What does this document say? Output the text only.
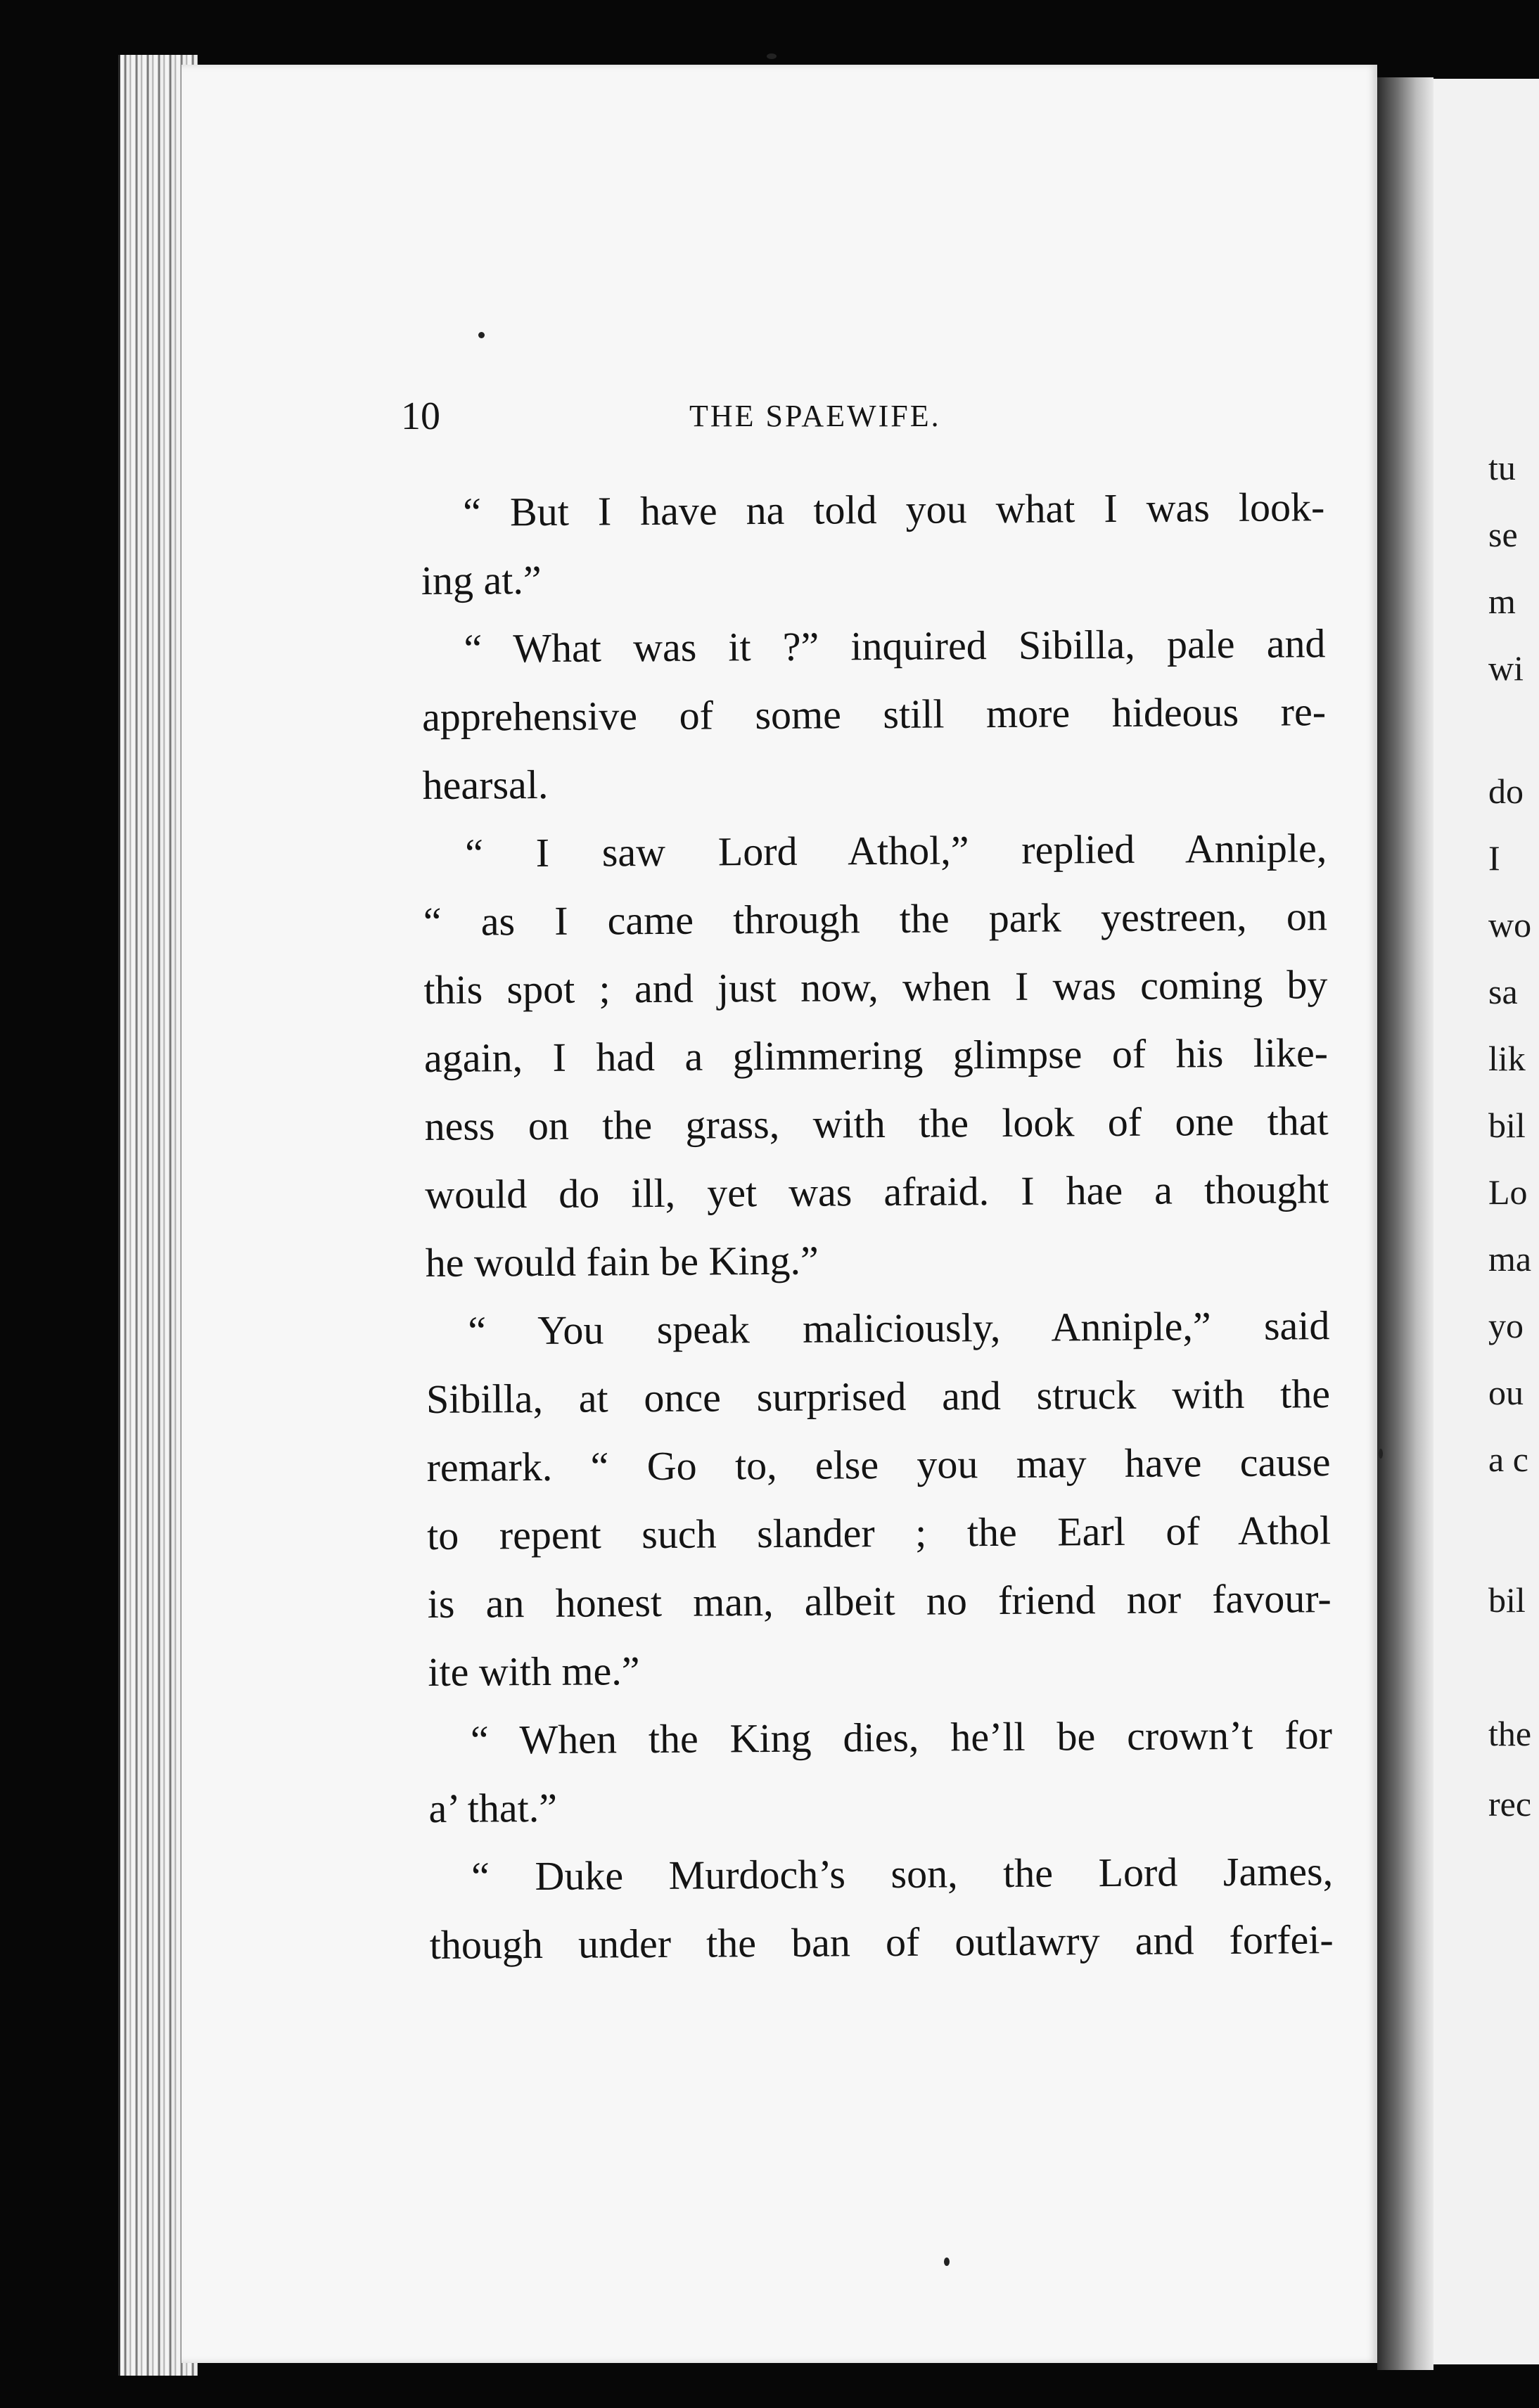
tu
se
m
wi
do
I
wo
sa
lik
bil
Lo
ma
yo
ou
a c
bil
the
rec
10	THE SPAEWIFE.
“ But I have na told you what I was look-
ing at.”
“ What was it ?” inquired Sibilla, pale and
apprehensive of some still more hideous re-
hearsal.
“ I saw Lord Athol,” replied Anniple,
“ as I came through the park yestreen, on
this spot ; and just now, when I was coming by
again, I had a glimmering glimpse of his like-
ness on the grass, with the look of one that
would do ill, yet was afraid. I hae a thought
he would fain be King.”
“ You speak maliciously, Anniple,” said
Sibilla, at once surprised and struck with the
remark. “ Go to, else you may have cause
to repent such slander ; the Earl of Athol
is an honest man, albeit no friend nor favour-
ite with me.”
“ When the King dies, he’ll be crown’t for
a’ that.”
“ Duke Murdoch’s son, the Lord James,
though under the ban of outlawry and forfei-
